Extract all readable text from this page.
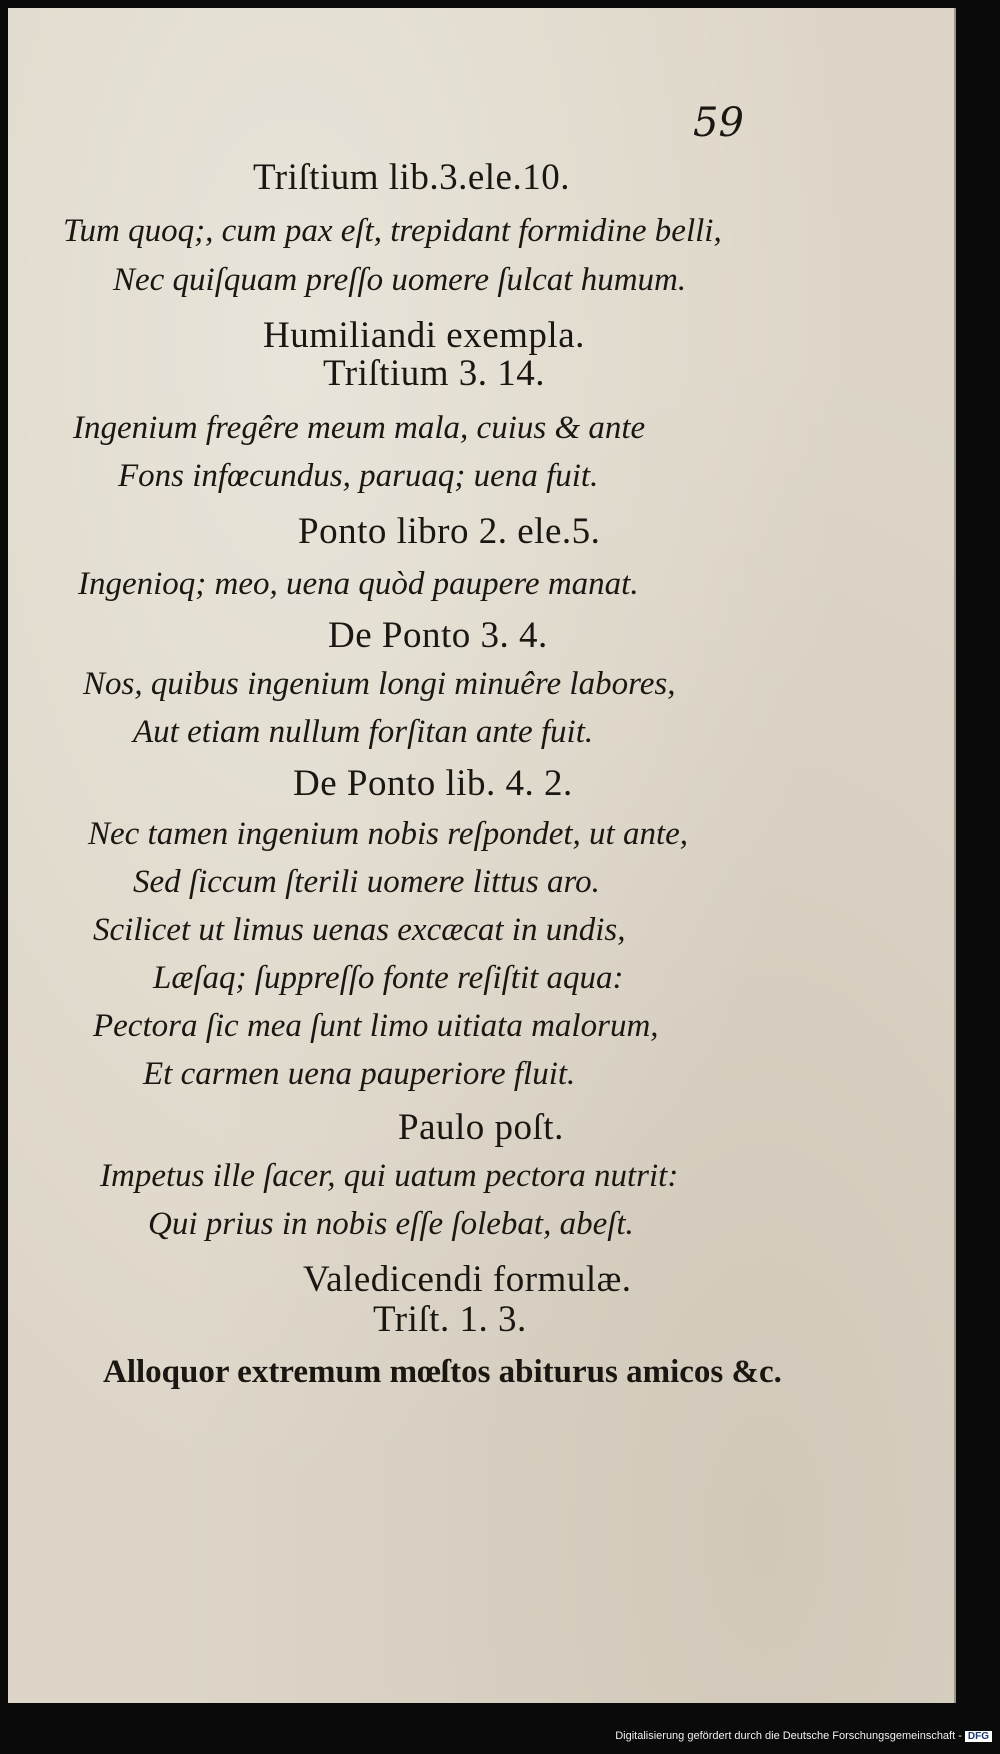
59
Triſtium lib.3.ele.10.
Tum quoq;, cum pax eſt, trepidant formidine belli,
Nec quiſquam preſſo uomere ſulcat humum.
Humiliandi exempla.
Triſtium 3. 14.
Ingenium fregêre meum mala, cuius & ante
Fons infœcundus, paruaq; uena fuit.
Ponto libro 2. ele.5.
Ingenioq; meo, uena quòd paupere manat.
De Ponto 3. 4.
Nos, quibus ingenium longi minuêre labores,
Aut etiam nullum forſitan ante fuit.
De Ponto lib. 4. 2.
Nec tamen ingenium nobis reſpondet, ut ante,
Sed ſiccum ſterili uomere littus aro.
Scilicet ut limus uenas excæcat in undis,
Læſaq; ſuppreſſo fonte reſiſtit aqua:
Pectora ſic mea ſunt limo uitiata malorum,
Et carmen uena pauperiore fluit.
Paulo poſt.
Impetus ille ſacer, qui uatum pectora nutrit:
Qui prius in nobis eſſe ſolebat, abeſt.
Valedicendi formulæ.
Triſt. 1. 3.
Alloquor extremum mœſtos abiturus amicos &c.
Digitalisierung gefördert durch die Deutsche Forschungsgemeinschaft - DFG
